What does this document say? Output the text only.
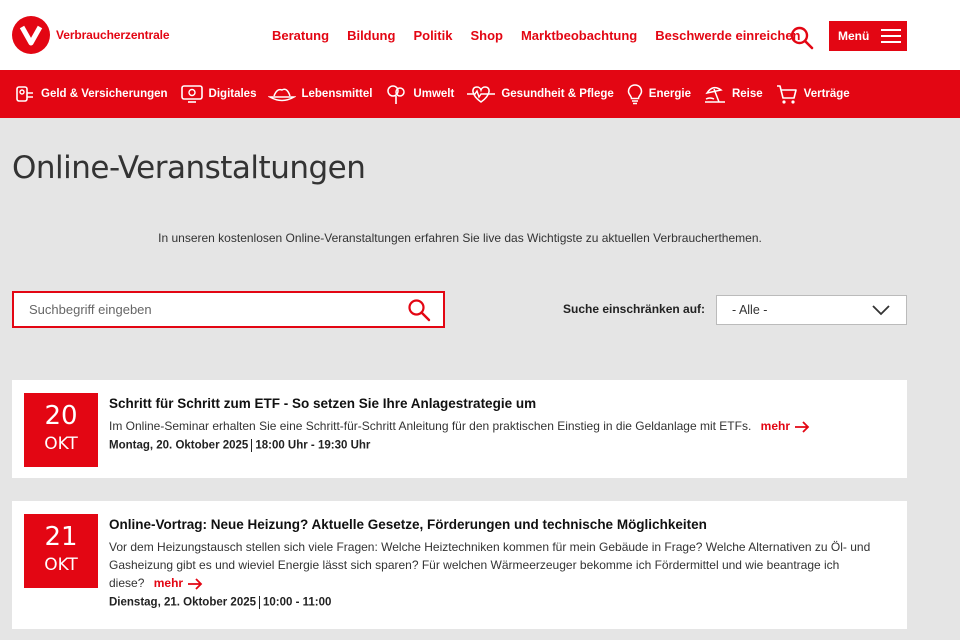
Verbraucherzentrale	Beratung Bildung Politik Shop Marktbeobachtung Beschwerde einreichen	Menü
Geld & Versicherungen	Digitales	Lebensmittel	Umwelt	Gesundheit & Pflege	Energie	Reise	Verträge
Online-Veranstaltungen

In unseren kostenlosen Online-Veranstaltungen erfahren Sie live das Wichtigste zu aktuellen Verbraucherthemen.

Suchbegriff eingeben
Suche einschränken auf: - Alle -
20
OKT
Schritt für Schritt zum ETF - So setzen Sie Ihre Anlagestrategie um
Im Online-Seminar erhalten Sie eine Schritt-für-Schritt Anleitung für den praktischen Einstieg in die Geldanlage mit ETFs. mehr
Montag, 20. Oktober 2025 18:00 Uhr - 19:30 Uhr
21
OKT
Online-Vortrag: Neue Heizung? Aktuelle Gesetze, Förderungen und technische Möglichkeiten
Vor dem Heizungstausch stellen sich viele Fragen: Welche Heiztechniken kommen für mein Gebäude in Frage? Welche Alternativen zu Öl- und Gasheizung gibt es und wieviel Energie lässt sich sparen? Für welchen Wärmeerzeuger bekomme ich Fördermittel und wie beantrage ich diese? mehr
Dienstag, 21. Oktober 2025 10:00 - 11:00
